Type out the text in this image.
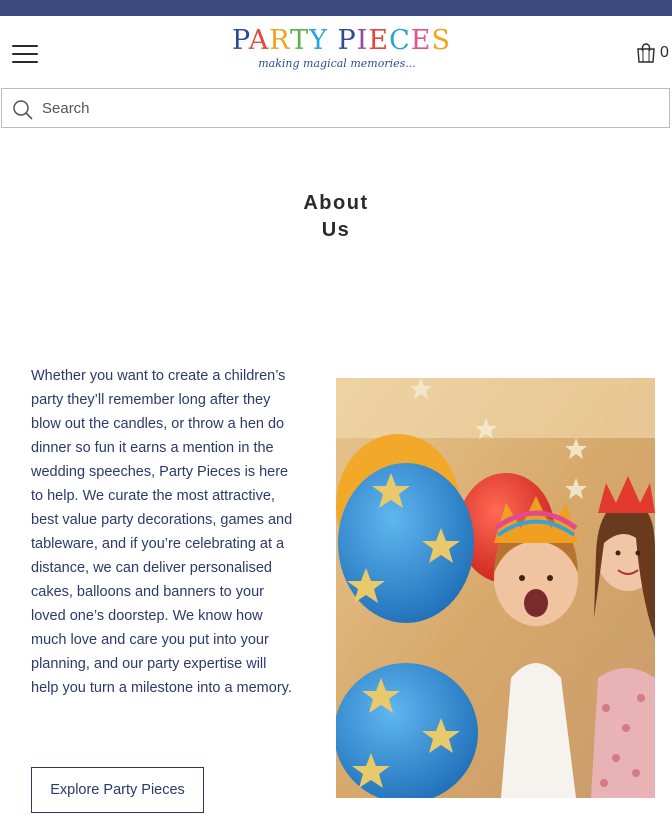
PARTY PIECES
making magical memories...
0
Search
About
Us

Whether you want to create a children’s party they’ll remember long after they blow out the candles, or throw a hen do dinner so fun it earns a mention in the wedding speeches, Party Pieces is here to help. We curate the most attractive, best value party decorations, games and tableware, and if you’re celebrating at a distance, we can deliver personalised cakes, balloons and banners to your loved one’s doorstep. We know how much love and care you put into your planning, and our party expertise will help you turn a milestone into a memory.

Explore Party Pieces
